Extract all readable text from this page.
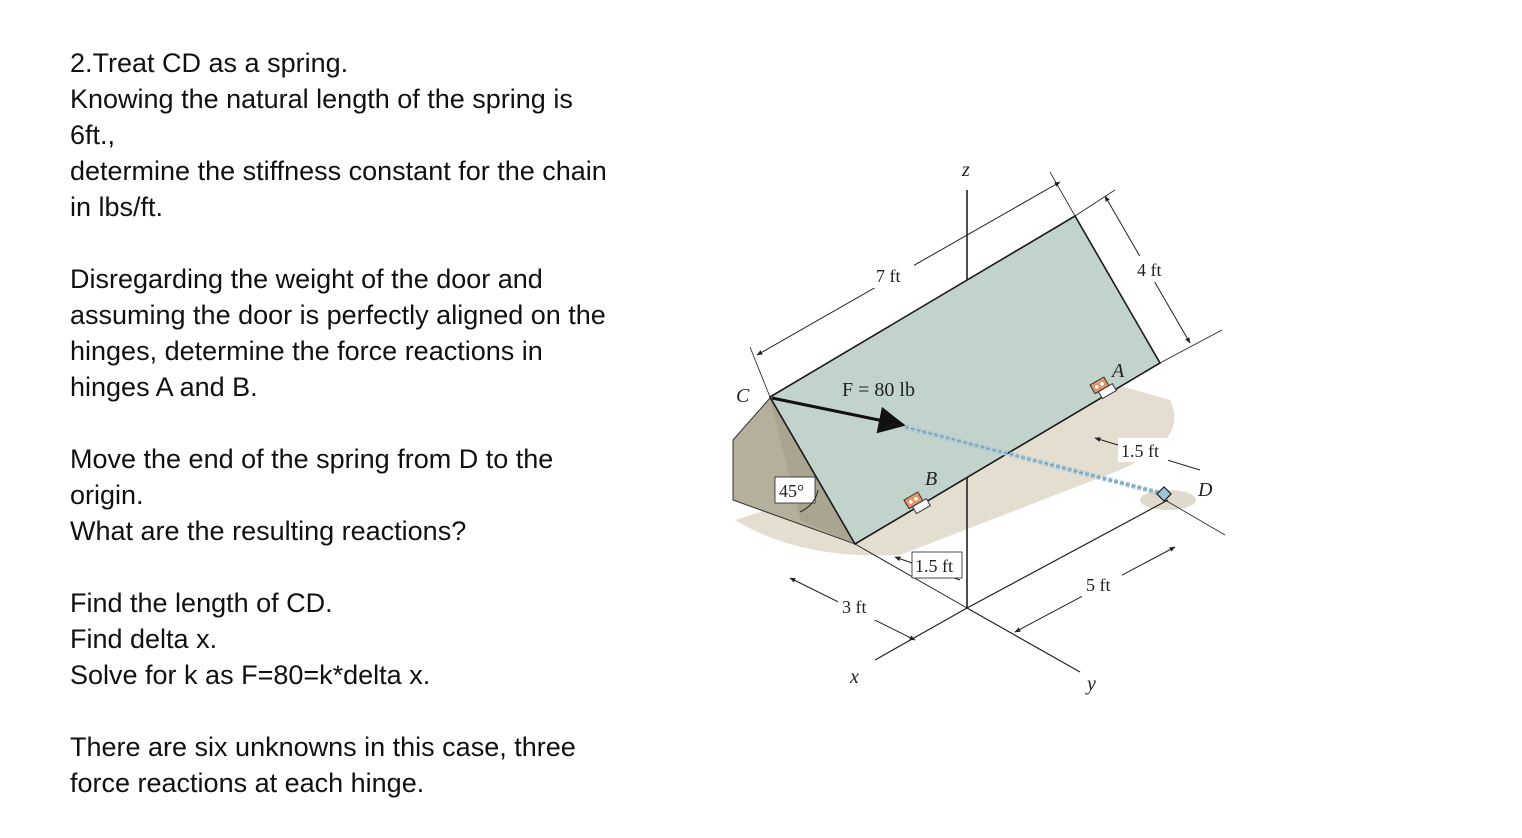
2.Treat CD as a spring.
Knowing the natural length of the spring is
6ft.,
determine the stiffness constant for the chain
in lbs/ft.
Disregarding the weight of the door and
assuming the door is perfectly aligned on the
hinges, determine the force reactions in
hinges A and B.
Move the end of the spring from D to the
origin.
What are the resulting reactions?
Find the length of CD.
Find delta x.
Solve for k as F=80=k*delta x.
There are six unknowns in this case, three
force reactions at each hinge.
z
x	y
C
A
B	D
F = 80 lb
45°
7 ft	4 ft
1.5 ft
1.5 ft
3 ft
5 ft
